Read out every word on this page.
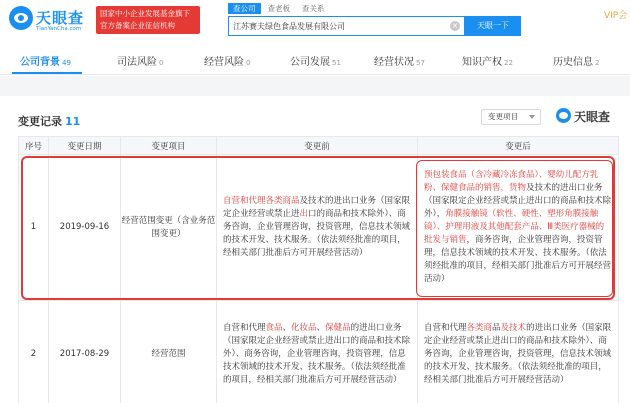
天眼查
TianYanCha.com
国家中小企业发展基金旗下
官方备案企业征信机构
查公司	查老板	查关系
江苏赛夫绿色食品发展有限公司
×	天眼一下
VIP会
公司背景 49	司法风险 0	经营风险 0	公司发展 51	经营状况 57	知识产权 22	历史信息 2
变更记录 11	变更项目	天眼查
序号	变更日期	变更项目	变更前	变更后
1	2019-09-16	经营范围变更（含业务范围变更）	自营和代理各类商品及技术的进出口业务（国家限定企业经营或禁止进出口的商品和技术除外）、商务咨询，企业管理咨询，投资管理，信息技术领域的技术开发、技术服务。（依法须经批准的项目，经相关部门批准后方可开展经营活动）	预包装食品（含冷藏冷冻食品）、婴幼儿配方乳粉、保健食品的销售，货物及技术的进出口业务（国家限定企业经营或禁止进出口的商品和技术除外），角膜接触镜（软性、硬性、塑形角膜接触镜）、护理用液及其他配套产品、Ⅲ类医疗器械的批发与销售，商务咨询，企业管理咨询，投资管理，信息技术领域的技术开发、技术服务。（依法须经批准的项目，经相关部门批准后方可开展经营活动）
2	2017-08-29	经营范围	自营和代理食品、化妆品、保健品的进出口业务（国家限定企业经营或禁止进出口的商品和技术除外）、商务咨询，企业管理咨询，投资管理，信息技术领域的技术开发、技术服务。（依法须经批准的项目，经相关部门批准后方可开展经营活动）	自营和代理各类商品及技术的进出口业务（国家限定企业经营或禁止进出口的商品和技术除外）、商务咨询，企业管理咨询，投资管理，信息技术领域的技术开发、技术服务。（依法须经批准的项目，经相关部门批准后方可开展经营活动）
